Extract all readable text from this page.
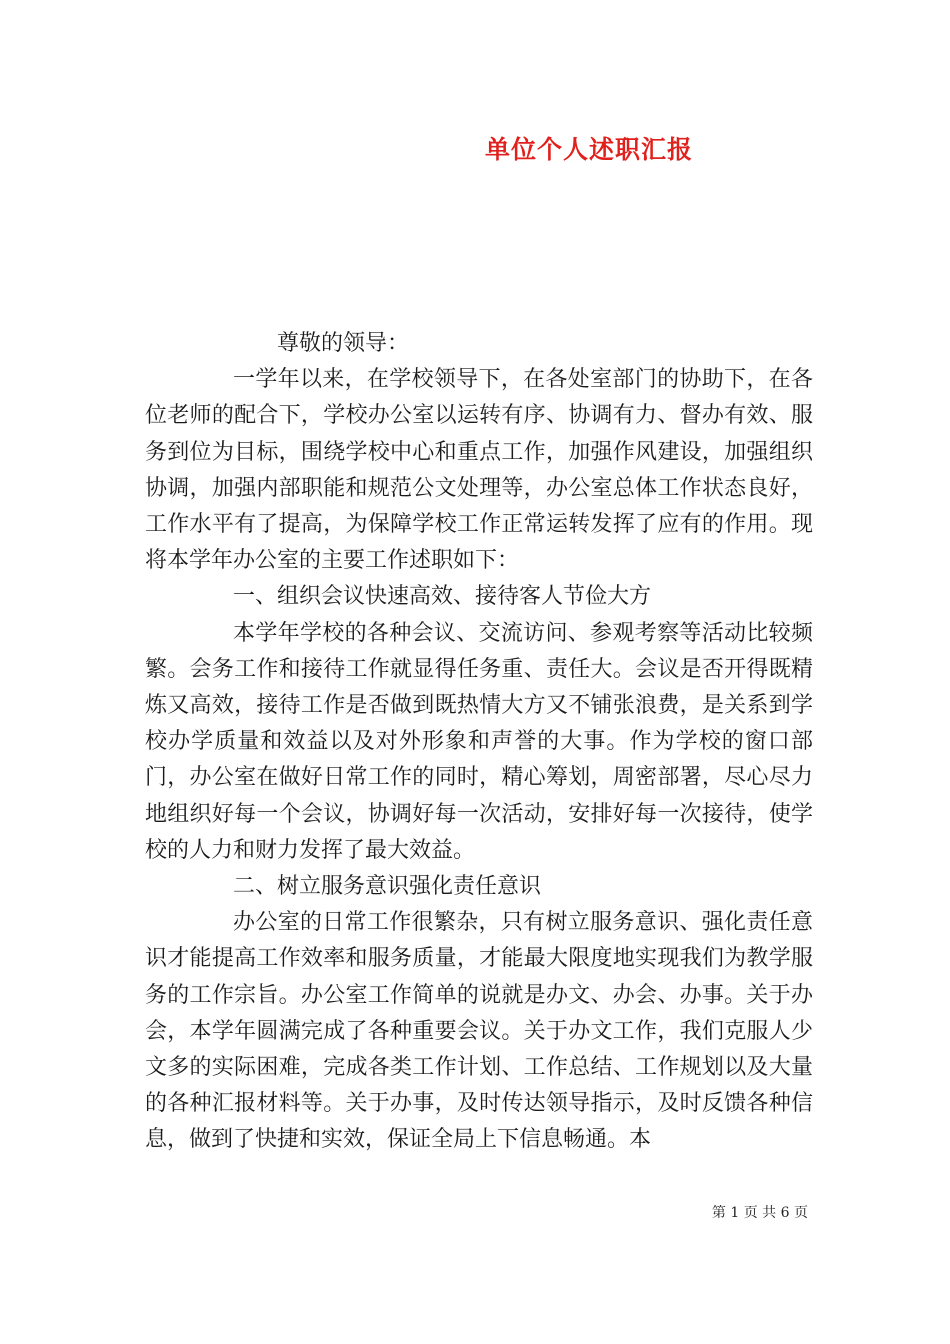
单位个人述职汇报

尊敬的领导：

一学年以来，在学校领导下，在各处室部门的协助下，在各位老师的配合下，学校办公室以运转有序、协调有力、督办有效、服务到位为目标，围绕学校中心和重点工作，加强作风建设，加强组织协调，加强内部职能和规范公文处理等，办公室总体工作状态良好，工作水平有了提高，为保障学校工作正常运转发挥了应有的作用。现将本学年办公室的主要工作述职如下：

一、组织会议快速高效、接待客人节俭大方

本学年学校的各种会议、交流访问、参观考察等活动比较频繁。会务工作和接待工作就显得任务重、责任大。会议是否开得既精炼又高效，接待工作是否做到既热情大方又不铺张浪费，是关系到学校办学质量和效益以及对外形象和声誉的大事。作为学校的窗口部门，办公室在做好日常工作的同时，精心筹划，周密部署，尽心尽力地组织好每一个会议，协调好每一次活动，安排好每一次接待，使学校的人力和财力发挥了最大效益。

二、树立服务意识强化责任意识

办公室的日常工作很繁杂，只有树立服务意识、强化责任意识才能提高工作效率和服务质量，才能最大限度地实现我们为教学服务的工作宗旨。办公室工作简单的说就是办文、办会、办事。关于办会，本学年圆满完成了各种重要会议。关于办文工作，我们克服人少文多的实际困难，完成各类工作计划、工作总结、工作规划以及大量的各种汇报材料等。关于办事，及时传达领导指示，及时反馈各种信息，做到了快捷和实效，保证全局上下信息畅通。本

第 1 页 共 6 页
